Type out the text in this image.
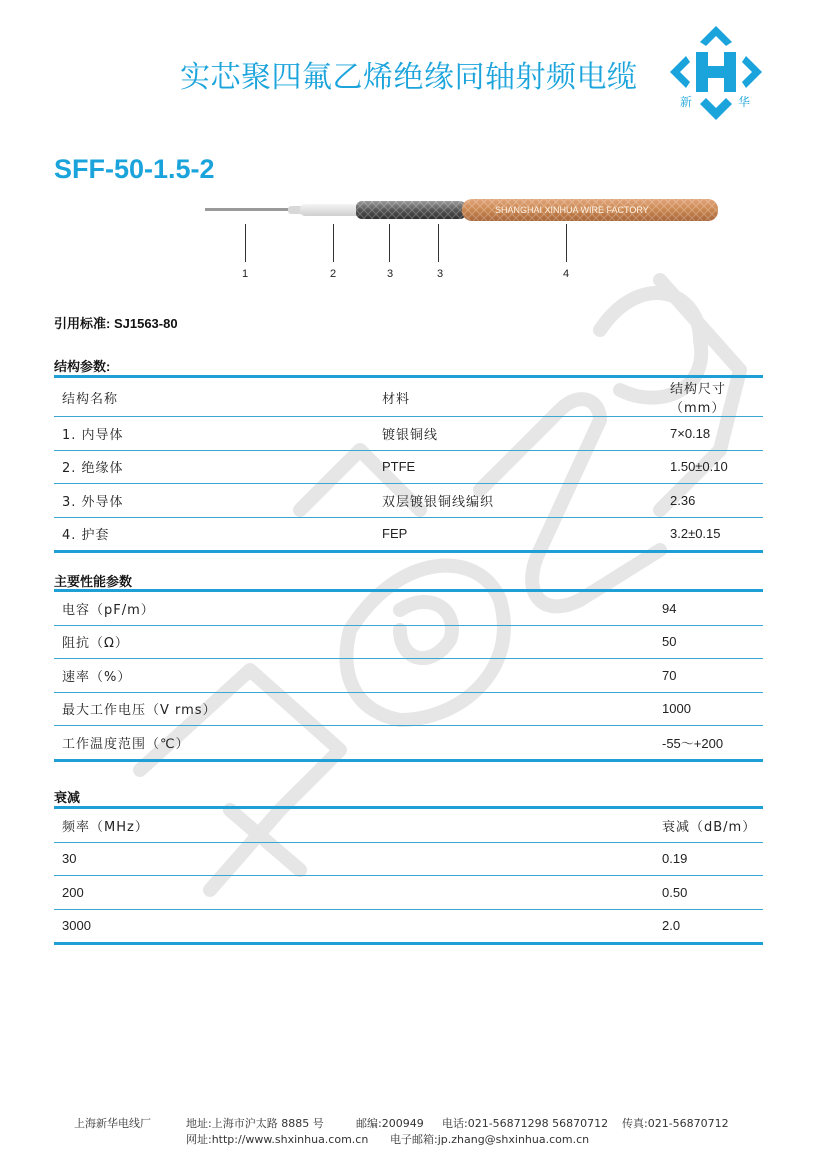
实芯聚四氟乙烯绝缘同轴射频电缆
新	华
SFF-50-1.5-2
SHANGHAI XINHUA WIRE FACTORY
1	2	3	3	4
引用标准: SJ1563-80
结构参数:
结构名称	材料	结构尺寸（mm）
1. 内导体	镀银铜线	7×0.18
2. 绝缘体	PTFE	1.50±0.10
3. 外导体	双层镀银铜线编织	2.36
4. 护套	FEP	3.2±0.15
主要性能参数
电容（pF/m）	94
阻抗（Ω）	50
速率（%）	70
最大工作电压（V rms）	1000
工作温度范围（℃）	-55～+200
衰减
频率（MHz）	衰减（dB/m）
30	0.19
200	0.50
3000	2.0
上海新华电线厂	地址:上海市沪太路 8885 号	邮编:200949 电话:021-56871298 56870712 传真:021-56870712
网址:http://www.shxinhua.com.cn 电子邮箱:jp.zhang@shxinhua.com.cn
